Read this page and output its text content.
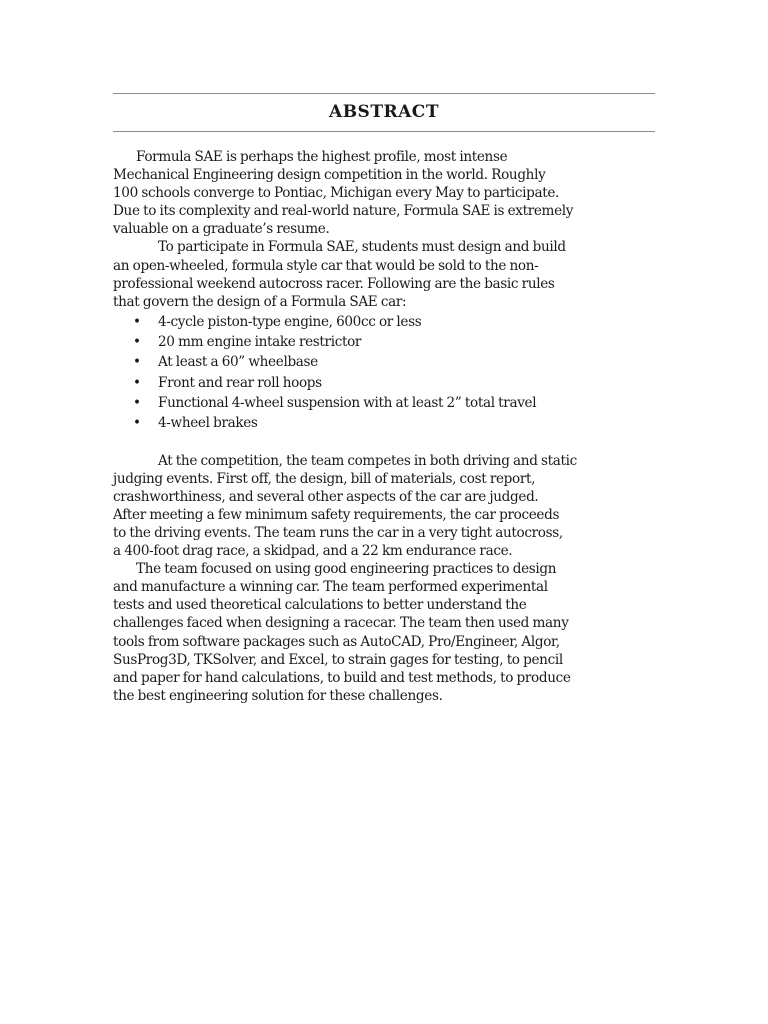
ABSTRACT

Formula SAE is perhaps the highest profile, most intense
Mechanical Engineering design competition in the world. Roughly
100 schools converge to Pontiac, Michigan every May to participate.
Due to its complexity and real-world nature, Formula SAE is extremely
valuable on a graduate’s resume.

To participate in Formula SAE, students must design and build
an open-wheeled, formula style car that would be sold to the non-
professional weekend autocross racer. Following are the basic rules
that govern the design of a Formula SAE car:

• 4-cycle piston-type engine, 600cc or less
• 20 mm engine intake restrictor
• At least a 60” wheelbase
• Front and rear roll hoops
• Functional 4-wheel suspension with at least 2” total travel
• 4-wheel brakes

At the competition, the team competes in both driving and static
judging events. First off, the design, bill of materials, cost report,
crashworthiness, and several other aspects of the car are judged.
After meeting a few minimum safety requirements, the car proceeds
to the driving events. The team runs the car in a very tight autocross,
a 400-foot drag race, a skidpad, and a 22 km endurance race.

The team focused on using good engineering practices to design
and manufacture a winning car. The team performed experimental
tests and used theoretical calculations to better understand the
challenges faced when designing a racecar. The team then used many
tools from software packages such as AutoCAD, Pro/Engineer, Algor,
SusProg3D, TKSolver, and Excel, to strain gages for testing, to pencil
and paper for hand calculations, to build and test methods, to produce
the best engineering solution for these challenges.
